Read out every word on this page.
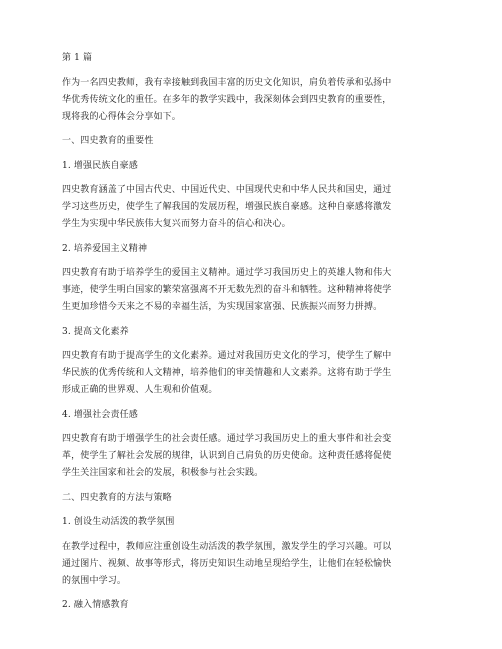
第 1 篇
作为一名四史教师，我有幸接触到我国丰富的历史文化知识，肩负着传承和弘扬中
华优秀传统文化的重任。在多年的教学实践中，我深刻体会到四史教育的重要性，
现将我的心得体会分享如下。
一、四史教育的重要性
1. 增强民族自豪感
四史教育涵盖了中国古代史、中国近代史、中国现代史和中华人民共和国史，通过
学习这些历史，使学生了解我国的发展历程，增强民族自豪感。这种自豪感将激发
学生为实现中华民族伟大复兴而努力奋斗的信心和决心。
2. 培养爱国主义精神
四史教育有助于培养学生的爱国主义精神。通过学习我国历史上的英雄人物和伟大
事迹，使学生明白国家的繁荣富强离不开无数先烈的奋斗和牺牲。这种精神将使学
生更加珍惜今天来之不易的幸福生活，为实现国家富强、民族振兴而努力拼搏。
3. 提高文化素养
四史教育有助于提高学生的文化素养。通过对我国历史文化的学习，使学生了解中
华民族的优秀传统和人文精神，培养他们的审美情趣和人文素养。这将有助于学生
形成正确的世界观、人生观和价值观。
4. 增强社会责任感
四史教育有助于增强学生的社会责任感。通过学习我国历史上的重大事件和社会变
革，使学生了解社会发展的规律，认识到自己肩负的历史使命。这种责任感将促使
学生关注国家和社会的发展，积极参与社会实践。
二、四史教育的方法与策略
1. 创设生动活泼的教学氛围
在教学过程中，教师应注重创设生动活泼的教学氛围，激发学生的学习兴趣。可以
通过图片、视频、故事等形式，将历史知识生动地呈现给学生，让他们在轻松愉快
的氛围中学习。
2. 融入情感教育
